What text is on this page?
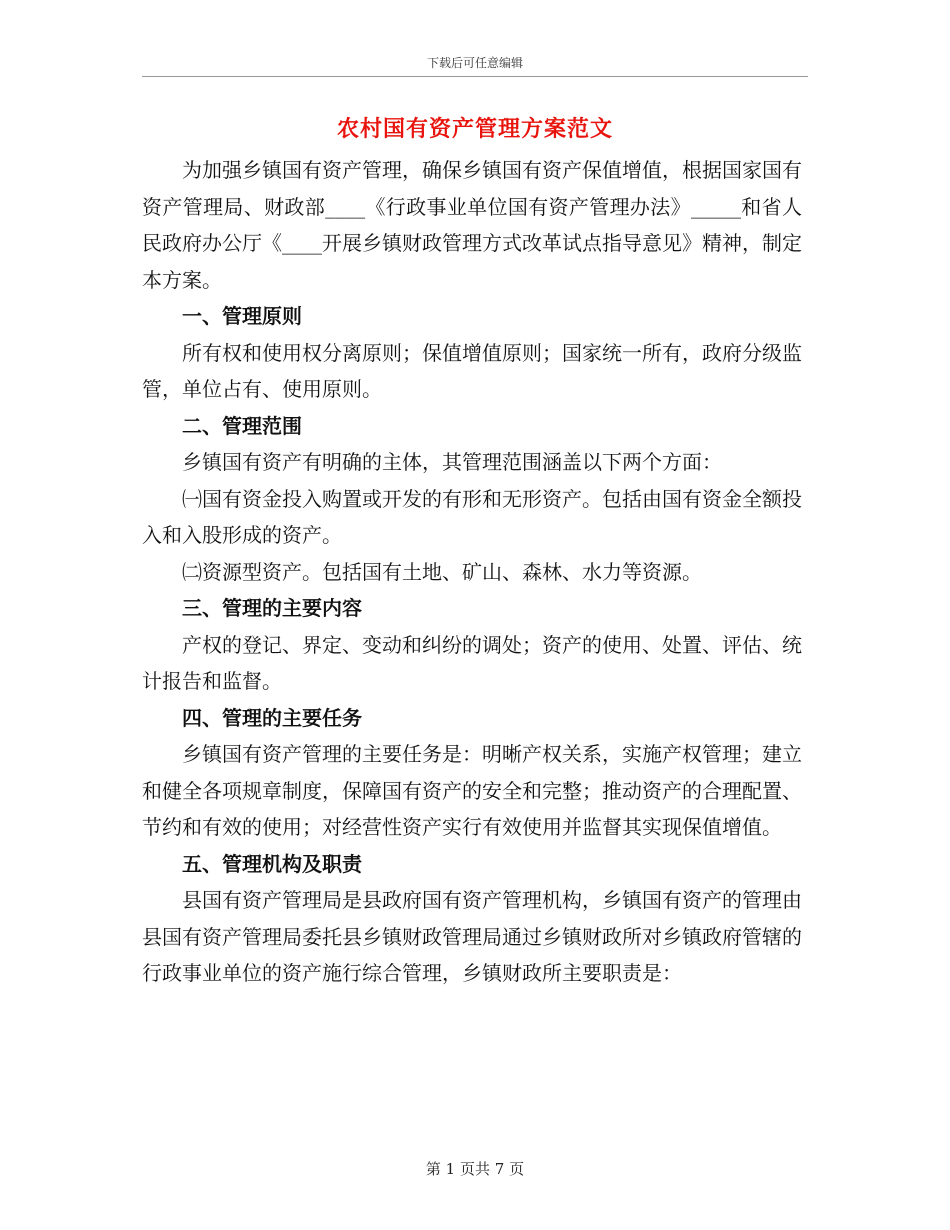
下载后可任意编辑
农村国有资产管理方案范文

为加强乡镇国有资产管理，确保乡镇国有资产保值增值，根据国家国有资产管理局、财政部____《行政事业单位国有资产管理办法》_____和省人民政府办公厅《____开展乡镇财政管理方式改革试点指导意见》精神，制定本方案。

一、管理原则

所有权和使用权分离原则；保值增值原则；国家统一所有，政府分级监管，单位占有、使用原则。

二、管理范围

乡镇国有资产有明确的主体，其管理范围涵盖以下两个方面：

㈠国有资金投入购置或开发的有形和无形资产。包括由国有资金全额投入和入股形成的资产。

㈡资源型资产。包括国有土地、矿山、森林、水力等资源。

三、管理的主要内容

产权的登记、界定、变动和纠纷的调处；资产的使用、处置、评估、统计报告和监督。

四、管理的主要任务

乡镇国有资产管理的主要任务是：明晰产权关系，实施产权管理；建立和健全各项规章制度，保障国有资产的安全和完整；推动资产的合理配置、节约和有效的使用；对经营性资产实行有效使用并监督其实现保值增值。

五、管理机构及职责

县国有资产管理局是县政府国有资产管理机构，乡镇国有资产的管理由县国有资产管理局委托县乡镇财政管理局通过乡镇财政所对乡镇政府管辖的行政事业单位的资产施行综合管理，乡镇财政所主要职责是：

第 1 页共 7 页
